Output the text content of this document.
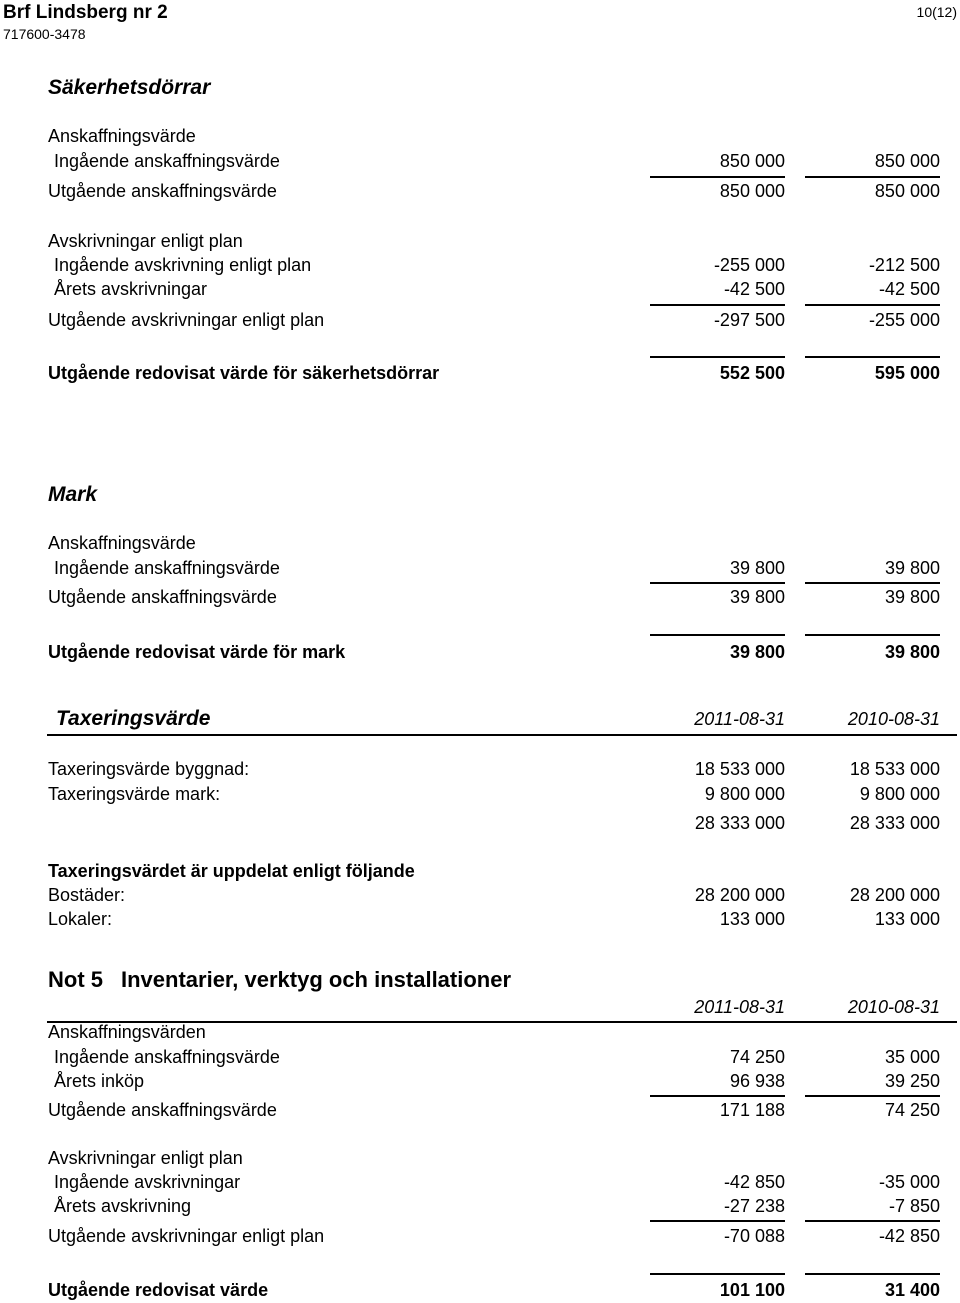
Brf Lindsberg nr 2
717600-3478
10(12)
Säkerhetsdörrar
Anskaffningsvärde
Ingående anskaffningsvärde	850 000	850 000
Utgående anskaffningsvärde	850 000	850 000
Avskrivningar enligt plan
Ingående avskrivning enligt plan	-255 000	-212 500
Årets avskrivningar	-42 500	-42 500
Utgående avskrivningar enligt plan	-297 500	-255 000
Utgående redovisat värde för säkerhetsdörrar	552 500	595 000
Mark
Anskaffningsvärde
Ingående anskaffningsvärde	39 800	39 800
Utgående anskaffningsvärde	39 800	39 800
Utgående redovisat värde för mark	39 800	39 800
Taxeringsvärde	2011-08-31	2010-08-31
Taxeringsvärde byggnad:	18 533 000	18 533 000
Taxeringsvärde mark:	9 800 000	9 800 000
28 333 000	28 333 000
Taxeringsvärdet är uppdelat enligt följande
Bostäder:	28 200 000	28 200 000
Lokaler:	133 000	133 000
Not 5 Inventarier, verktyg och installationer
2011-08-31	2010-08-31
Anskaffningsvärden
Ingående anskaffningsvärde	74 250	35 000
Årets inköp	96 938	39 250
Utgående anskaffningsvärde	171 188	74 250
Avskrivningar enligt plan
Ingående avskrivningar	-42 850	-35 000
Årets avskrivning	-27 238	-7 850
Utgående avskrivningar enligt plan	-70 088	-42 850
Utgående redovisat värde	101 100	31 400
